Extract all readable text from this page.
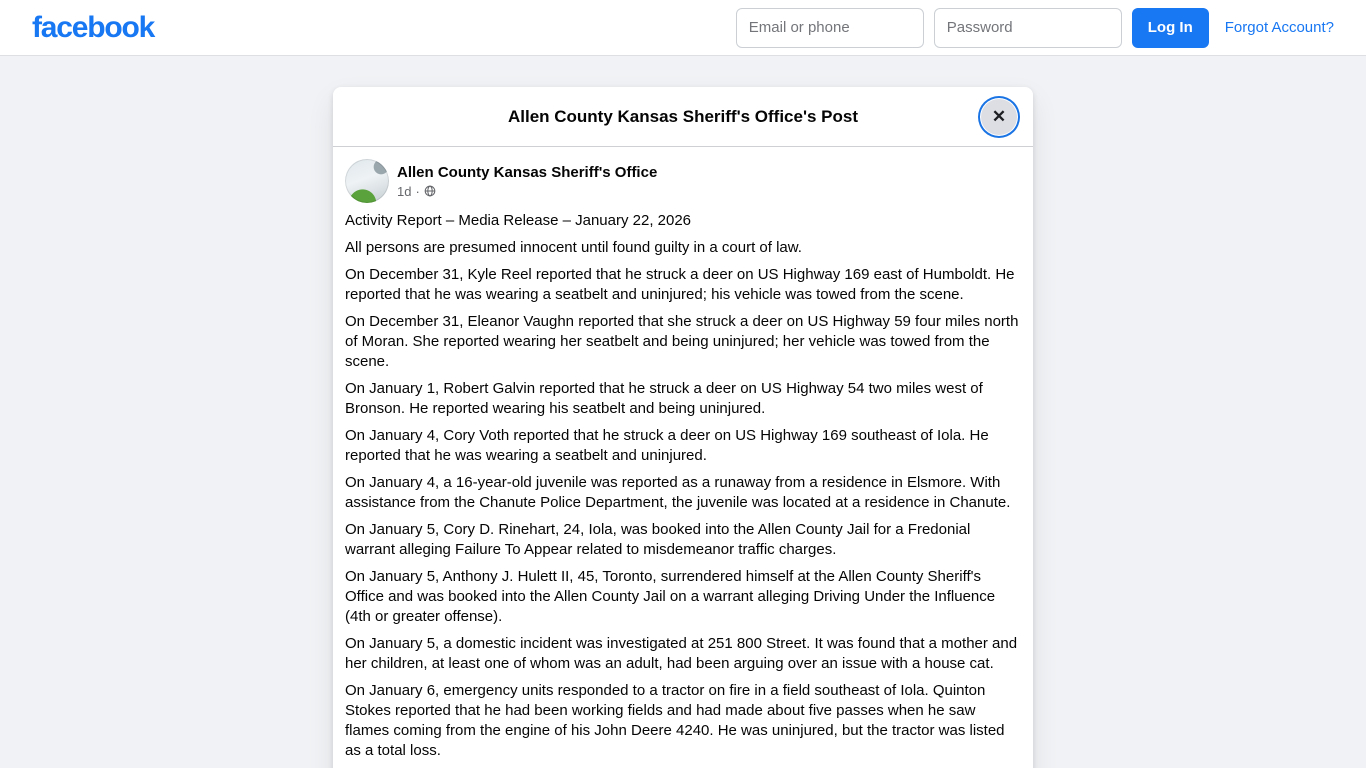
facebook
Email or phone
Password	Log In	Forgot Account?
Allen County Kansas Sheriff's Office's Post	✕
Allen County Kansas Sheriff's Office
1d ·

Activity Report – Media Release – January 22, 2026

All persons are presumed innocent until found guilty in a court of law.

On December 31, Kyle Reel reported that he struck a deer on US Highway 169 east of Humboldt. He reported that he was wearing a seatbelt and uninjured; his vehicle was towed from the scene.

On December 31, Eleanor Vaughn reported that she struck a deer on US Highway 59 four miles north of Moran. She reported wearing her seatbelt and being uninjured; her vehicle was towed from the scene.

On January 1, Robert Galvin reported that he struck a deer on US Highway 54 two miles west of Bronson. He reported wearing his seatbelt and being uninjured.

On January 4, Cory Voth reported that he struck a deer on US Highway 169 southeast of Iola. He reported that he was wearing a seatbelt and uninjured.

On January 4, a 16-year-old juvenile was reported as a runaway from a residence in Elsmore. With assistance from the Chanute Police Department, the juvenile was located at a residence in Chanute.

On January 5, Cory D. Rinehart, 24, Iola, was booked into the Allen County Jail for a Fredonial warrant alleging Failure To Appear related to misdemeanor traffic charges.

On January 5, Anthony J. Hulett II, 45, Toronto, surrendered himself at the Allen County Sheriff's Office and was booked into the Allen County Jail on a warrant alleging Driving Under the Influence (4th or greater offense).

On January 5, a domestic incident was investigated at 251 800 Street. It was found that a mother and her children, at least one of whom was an adult, had been arguing over an issue with a house cat.

On January 6, emergency units responded to a tractor on fire in a field southeast of Iola. Quinton Stokes reported that he had been working fields and had made about five passes when he saw flames coming from the engine of his John Deere 4240. He was uninjured, but the tractor was listed as a total loss.
